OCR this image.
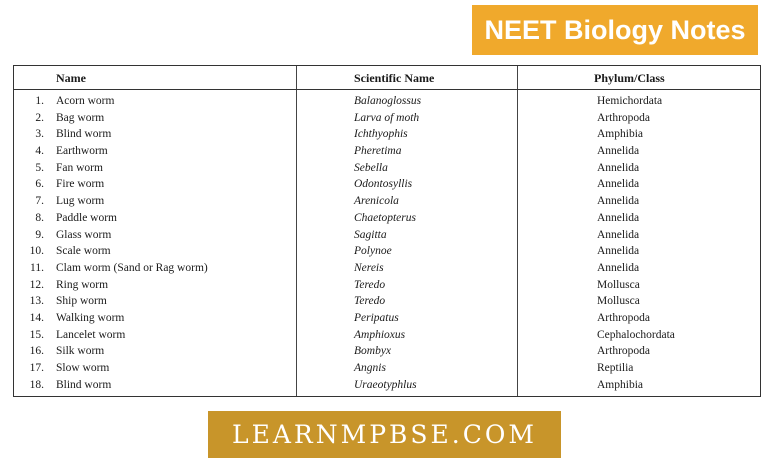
NEET Biology Notes
Name	Scientific Name	Phylum/Class
1. Acorn worm	Balanoglossus	Hemichordata
2. Bag worm	Larva of moth	Arthropoda
3. Blind worm	Ichthyophis	Amphibia
4. Earthworm	Pheretima	Annelida
5. Fan worm	Sebella	Annelida
6. Fire worm	Odontosyllis	Annelida
7. Lug worm	Arenicola	Annelida
8. Paddle worm	Chaetopterus	Annelida
9. Glass worm	Sagitta	Annelida
10. Scale worm	Polynoe	Annelida
11. Clam worm (Sand or Rag worm)	Nereis	Annelida
12. Ring worm	Teredo	Mollusca
13. Ship worm	Teredo	Mollusca
14. Walking worm	Peripatus	Arthropoda
15. Lancelet worm	Amphioxus	Cephalochordata
16. Silk worm	Bombyx	Arthropoda
17. Slow worm	Angnis	Reptilia
18. Blind worm	Uraeotyphlus	Amphibia
LEARNMPBSE.COM
